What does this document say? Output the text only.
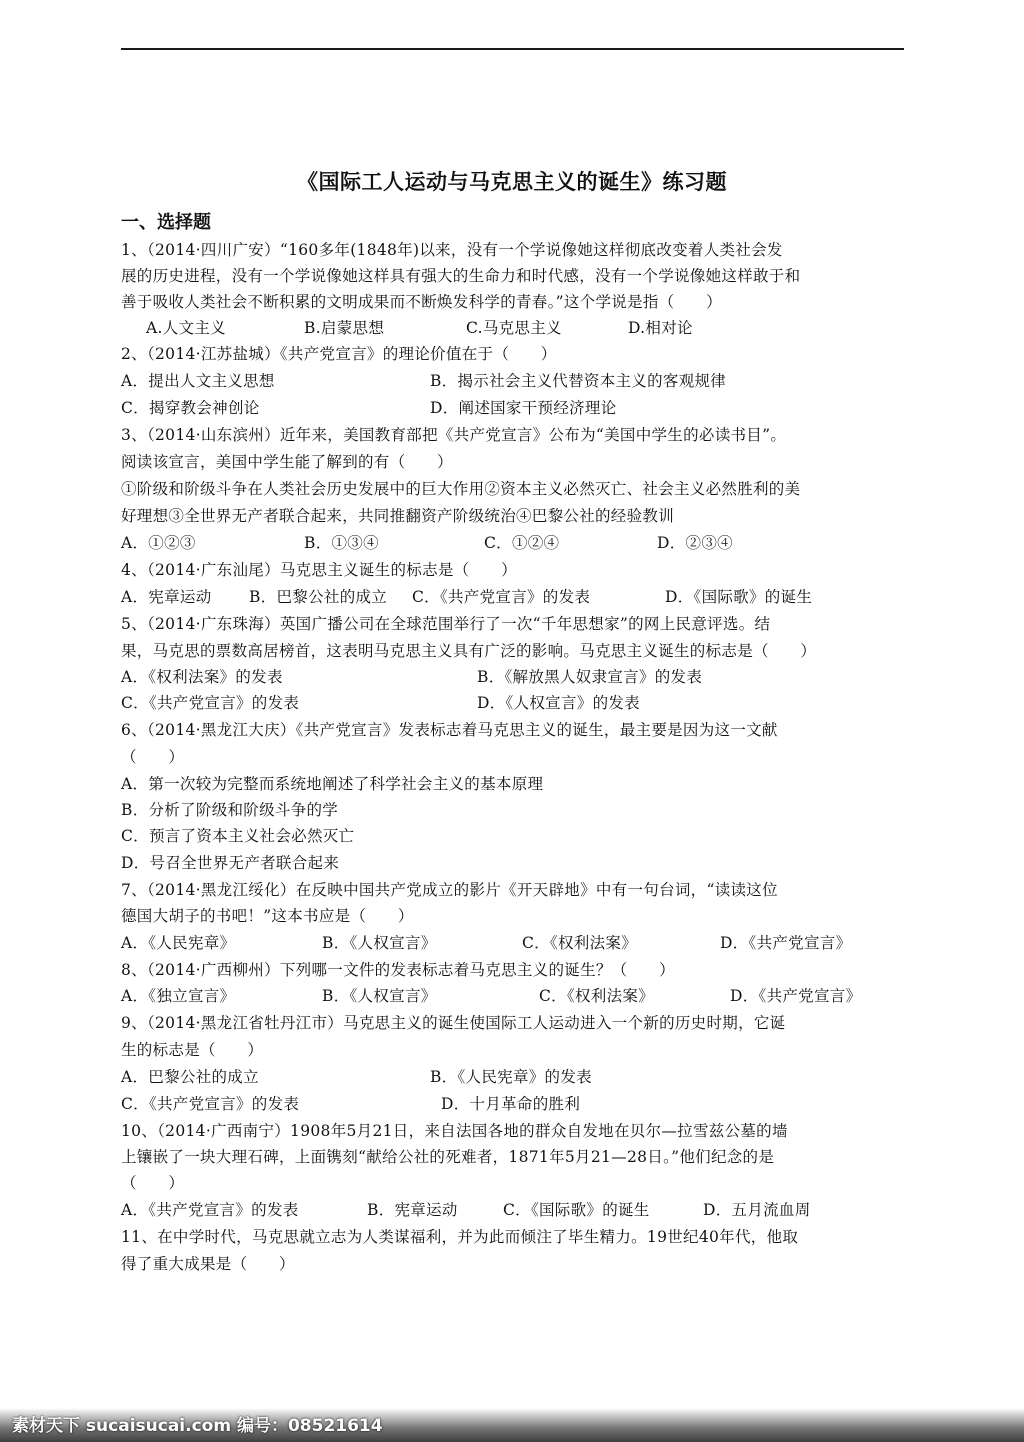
《国际工人运动与马克思主义的诞生》练习题
一、选择题
1、（2014·四川广安）“160多年(1848年)以来，没有一个学说像她这样彻底改变着人类社会发
展的历史进程，没有一个学说像她这样具有强大的生命力和时代感，没有一个学说像她这样敢于和
善于吸收人类社会不断积累的文明成果而不断焕发科学的青春。”这个学说是指（　　）
A.人文主义	B.启蒙思想	C.马克思主义	D.相对论
2、（2014·江苏盐城）《共产党宣言》的理论价值在于（　　）
A．提出人文主义思想	B．揭示社会主义代替资本主义的客观规律
C．揭穿教会神创论	D．阐述国家干预经济理论
3、（2014·山东滨州）近年来，美国教育部把《共产党宣言》公布为“美国中学生的必读书目”。
阅读该宣言，美国中学生能了解到的有（　　）
①阶级和阶级斗争在人类社会历史发展中的巨大作用②资本主义必然灭亡、社会主义必然胜利的美
好理想③全世界无产者联合起来，共同推翻资产阶级统治④巴黎公社的经验教训
A．①②③	B．①③④	C．①②④	D．②③④
4、（2014·广东汕尾）马克思主义诞生的标志是（　　）
A．宪章运动 B．巴黎公社的成立 C．《共产党宣言》的发表	D．《国际歌》的诞生
5、（2014·广东珠海）英国广播公司在全球范围举行了一次“千年思想家”的网上民意评选。结
果，马克思的票数高居榜首，这表明马克思主义具有广泛的影响。马克思主义诞生的标志是（　　）
A．《权利法案》的发表	B．《解放黑人奴隶宣言》的发表
C．《共产党宣言》的发表	D．《人权宣言》的发表
6、（2014·黑龙江大庆）《共产党宣言》发表标志着马克思主义的诞生，最主要是因为这一文献
（　　）
A．第一次较为完整而系统地阐述了科学社会主义的基本原理
B．分析了阶级和阶级斗争的学
C．预言了资本主义社会必然灭亡
D．号召全世界无产者联合起来
7、（2014·黑龙江绥化）在反映中国共产党成立的影片《开天辟地》中有一句台词，“读读这位
德国大胡子的书吧！”这本书应是（　　）
A．《人民宪章》	B．《人权宣言》	C．《权利法案》	D．《共产党宣言》
8、（2014·广西柳州）下列哪一文件的发表标志着马克思主义的诞生？（　　）
A．《独立宣言》	B．《人权宣言》	C．《权利法案》	D．《共产党宣言》
9、（2014·黑龙江省牡丹江市）马克思主义的诞生使国际工人运动进入一个新的历史时期，它诞
生的标志是（　　）
A．巴黎公社的成立	B．《人民宪章》的发表
C．《共产党宣言》的发表	D．十月革命的胜利
10、（2014·广西南宁）1908年5月21日，来自法国各地的群众自发地在贝尔—拉雪兹公墓的墙
上镶嵌了一块大理石碑，上面镌刻“献给公社的死难者，1871年5月21—28日。”他们纪念的是
（　　）
A．《共产党宣言》的发表	B．宪章运动	C．《国际歌》的诞生	D．五月流血周
11、在中学时代，马克思就立志为人类谋福利，并为此而倾注了毕生精力。19世纪40年代，他取
得了重大成果是（　　）
素材天下 sucaisucai.com 编号：08521614
